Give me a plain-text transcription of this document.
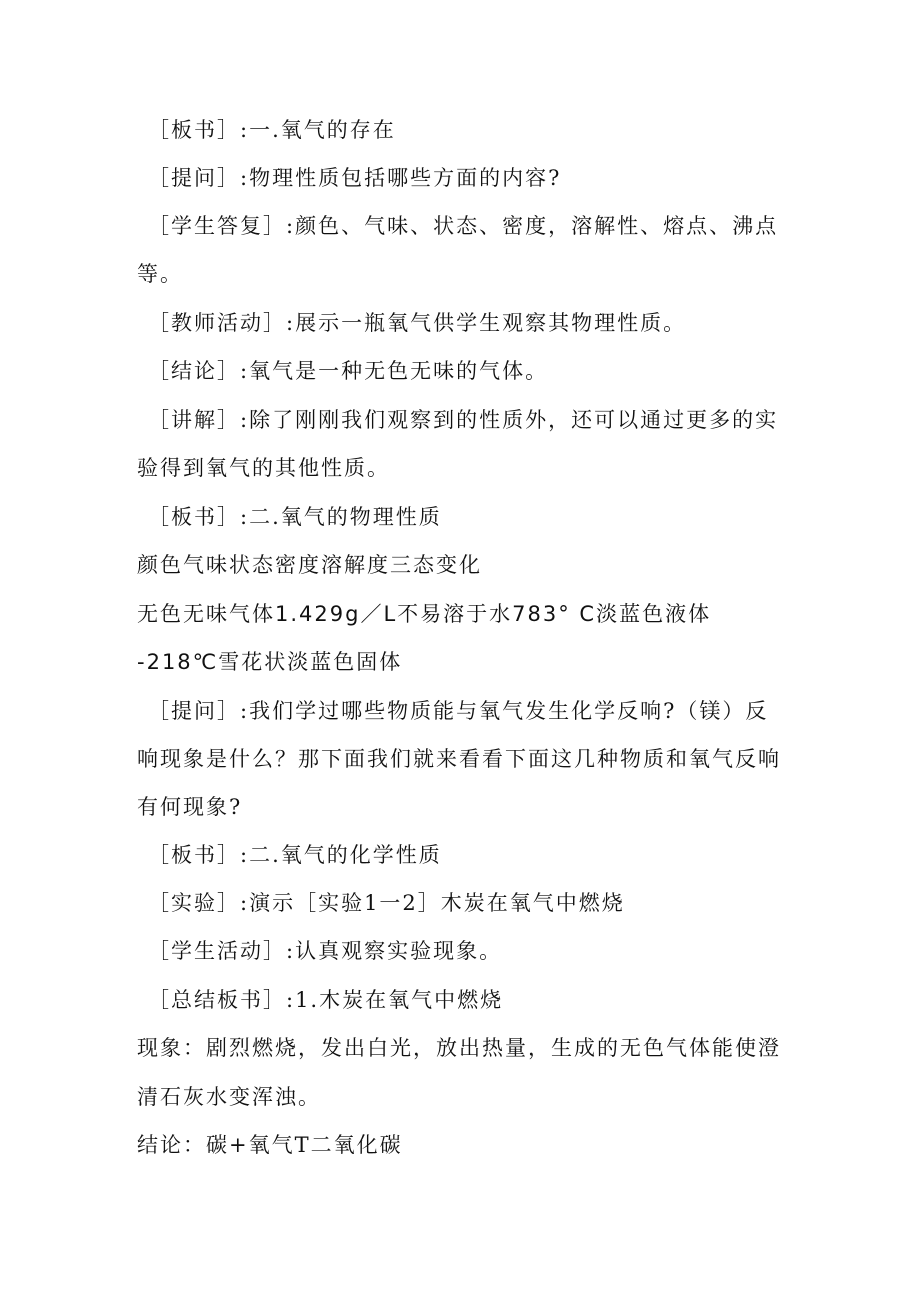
［板书］:一.氧气的存在
［提问］:物理性质包括哪些方面的内容?
［学生答复］:颜色、气味、状态、密度，溶解性、熔点、沸点
等。
［教师活动］:展示一瓶氧气供学生观察其物理性质。
［结论］:氧气是一种无色无味的气体。
［讲解］:除了刚刚我们观察到的性质外，还可以通过更多的实
验得到氧气的其他性质。
［板书］:二.氧气的物理性质
颜色气味状态密度溶解度三态变化
无色无味气体1.429g／L不易溶于水783° C淡蓝色液体
-218℃雪花状淡蓝色固体
［提问］:我们学过哪些物质能与氧气发生化学反响?（镁）反
响现象是什么？那下面我们就来看看下面这几种物质和氧气反响
有何现象?
［板书］:二.氧气的化学性质
［实验］:演示［实验1一2］木炭在氧气中燃烧
［学生活动］:认真观察实验现象。
［总结板书］:1.木炭在氧气中燃烧
现象：剧烈燃烧，发出白光，放出热量，生成的无色气体能使澄
清石灰水变浑浊。
结论：碳+氧气T二氧化碳
